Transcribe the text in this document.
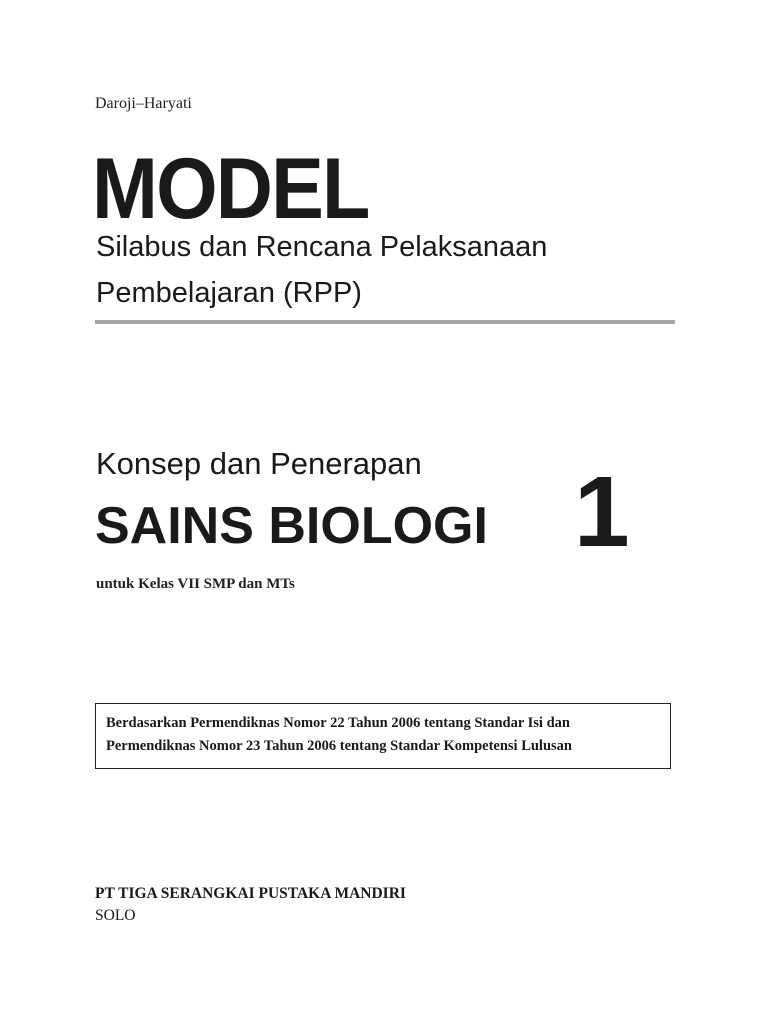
Daroji–Haryati
MODEL
Silabus dan Rencana Pelaksanaan
Pembelajaran (RPP)
Konsep dan Penerapan
SAINS BIOLOGI 1
untuk Kelas VII SMP dan MTs
Berdasarkan Permendiknas Nomor 22 Tahun 2006 tentang Standar Isi dan
Permendiknas Nomor 23 Tahun 2006 tentang Standar Kompetensi Lulusan
PT TIGA SERANGKAI PUSTAKA MANDIRI
SOLO
